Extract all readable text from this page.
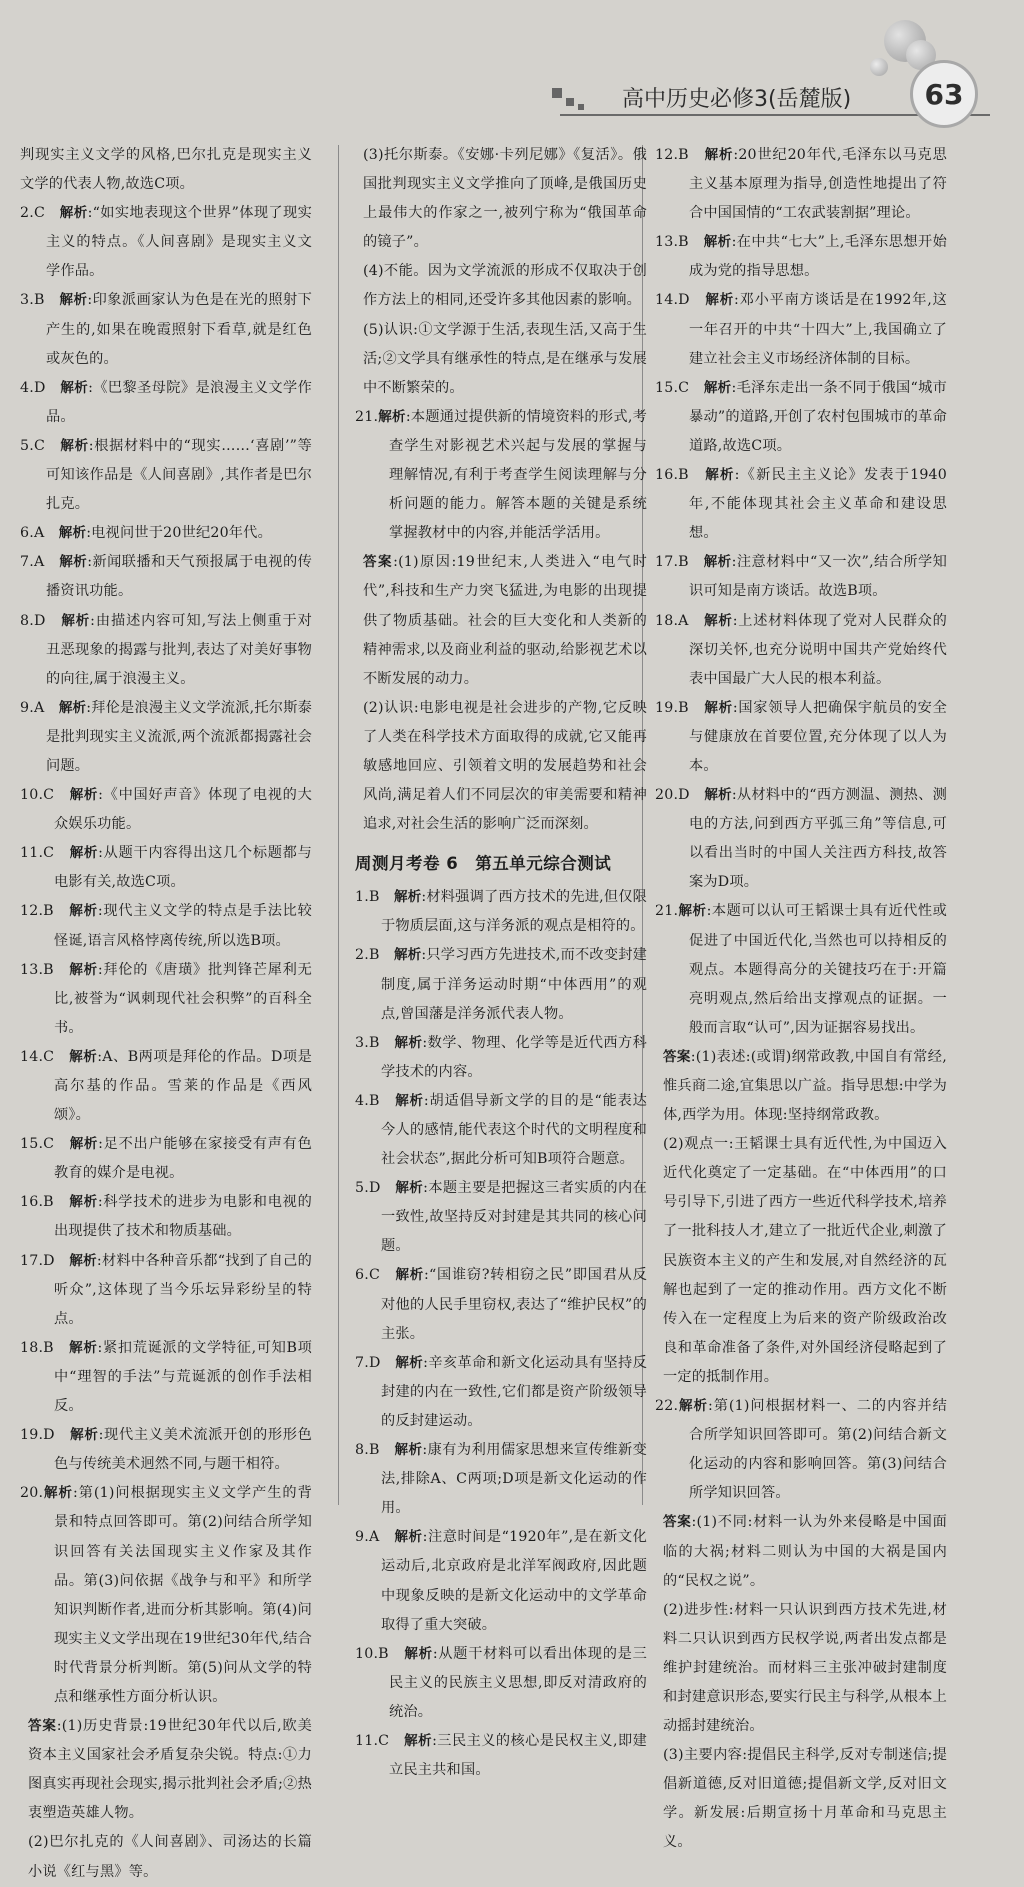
高中历史必修3(岳麓版)	63

判现实主义文学的风格,巴尔扎克是现实主义文学的代表人物,故选C项。

2.C　 解析:“如实地表现这个世界”体现了现实主义的特点。《人间喜剧》是现实主义文学作品。

3.B　 解析:印象派画家认为色是在光的照射下产生的,如果在晚霞照射下看草,就是红色或灰色的。

4.D　 解析:《巴黎圣母院》是浪漫主义文学作品。

5.C　 解析:根据材料中的“现实……‘喜剧’”等可知该作品是《人间喜剧》,其作者是巴尔扎克。

6.A　 解析:电视问世于20世纪20年代。

7.A　 解析:新闻联播和天气预报属于电视的传播资讯功能。

8.D　 解析:由描述内容可知,写法上侧重于对丑恶现象的揭露与批判,表达了对美好事物的向往,属于浪漫主义。

9.A　 解析:拜伦是浪漫主义文学流派,托尔斯泰是批判现实主义流派,两个流派都揭露社会问题。

10.C　 解析:《中国好声音》体现了电视的大众娱乐功能。

11.C　 解析:从题干内容得出这几个标题都与电影有关,故选C项。

12.B　 解析:现代主义文学的特点是手法比较怪诞,语言风格悖离传统,所以选B项。

13.B　 解析:拜伦的《唐璜》批判锋芒犀利无比,被誉为“讽刺现代社会积弊”的百科全书。

14.C　 解析:A、B两项是拜伦的作品。D项是高尔基的作品。雪莱的作品是《西风颂》。

15.C　 解析:足不出户能够在家接受有声有色教育的媒介是电视。

16.B　 解析:科学技术的进步为电影和电视的出现提供了技术和物质基础。

17.D　 解析:材料中各种音乐都“找到了自己的听众”,这体现了当今乐坛异彩纷呈的特点。

18.B　 解析:紧扣荒诞派的文学特征,可知B项中“理智的手法”与荒诞派的创作手法相反。

19.D　 解析:现代主义美术流派开创的形形色色与传统美术迥然不同,与题干相符。

20.解析:第(1)问根据现实主义文学产生的背景和特点回答即可。第(2)问结合所学知识回答有关法国现实主义作家及其作品。第(3)问依据《战争与和平》和所学知识判断作者,进而分析其影响。第(4)问现实主义文学出现在19世纪30年代,结合时代背景分析判断。第(5)问从文学的特点和继承性方面分析认识。

答案:(1)历史背景:19世纪30年代以后,欧美资本主义国家社会矛盾复杂尖锐。特点:①力图真实再现社会现实,揭示批判社会矛盾;②热衷塑造英雄人物。

(2)巴尔扎克的《人间喜剧》、司汤达的长篇小说《红与黑》等。

(3)托尔斯泰。《安娜·卡列尼娜》《复活》。俄国批判现实主义文学推向了顶峰,是俄国历史上最伟大的作家之一,被列宁称为“俄国革命的镜子”。

(4)不能。因为文学流派的形成不仅取决于创作方法上的相同,还受许多其他因素的影响。

(5)认识:①文学源于生活,表现生活,又高于生活;②文学具有继承性的特点,是在继承与发展中不断繁荣的。

21.解析:本题通过提供新的情境资料的形式,考查学生对影视艺术兴起与发展的掌握与理解情况,有利于考查学生阅读理解与分析问题的能力。解答本题的关键是系统掌握教材中的内容,并能活学活用。

答案:(1)原因:19世纪末,人类进入“电气时代”,科技和生产力突飞猛进,为电影的出现提供了物质基础。社会的巨大变化和人类新的精神需求,以及商业利益的驱动,给影视艺术以不断发展的动力。

(2)认识:电影电视是社会进步的产物,它反映了人类在科学技术方面取得的成就,它又能再敏感地回应、引领着文明的发展趋势和社会风尚,满足着人们不同层次的审美需要和精神追求,对社会生活的影响广泛而深刻。

周测月考卷 6　第五单元综合测试

1.B　 解析:材料强调了西方技术的先进,但仅限于物质层面,这与洋务派的观点是相符的。

2.B　 解析:只学习西方先进技术,而不改变封建制度,属于洋务运动时期“中体西用”的观点,曾国藩是洋务派代表人物。

3.B　 解析:数学、物理、化学等是近代西方科学技术的内容。

4.B　 解析:胡适倡导新文学的目的是“能表达今人的感情,能代表这个时代的文明程度和社会状态”,据此分析可知B项符合题意。

5.D　 解析:本题主要是把握这三者实质的内在一致性,故坚持反对封建是其共同的核心问题。

6.C　 解析:“国谁窃?转相窃之民”即国君从反对他的人民手里窃权,表达了“维护民权”的主张。

7.D　 解析:辛亥革命和新文化运动具有坚持反封建的内在一致性,它们都是资产阶级领导的反封建运动。

8.B　 解析:康有为利用儒家思想来宣传维新变法,排除A、C两项;D项是新文化运动的作用。

9.A　 解析:注意时间是“1920年”,是在新文化运动后,北京政府是北洋军阀政府,因此题中现象反映的是新文化运动中的文学革命取得了重大突破。

10.B　 解析:从题干材料可以看出体现的是三民主义的民族主义思想,即反对清政府的统治。

11.C　 解析:三民主义的核心是民权主义,即建立民主共和国。

12.B　 解析:20世纪20年代,毛泽东以马克思主义基本原理为指导,创造性地提出了符合中国国情的“工农武装割据”理论。

13.B　 解析:在中共“七大”上,毛泽东思想开始成为党的指导思想。

14.D　 解析:邓小平南方谈话是在1992年,这一年召开的中共“十四大”上,我国确立了建立社会主义市场经济体制的目标。

15.C　 解析:毛泽东走出一条不同于俄国“城市暴动”的道路,开创了农村包围城市的革命道路,故选C项。

16.B　 解析:《新民主主义论》发表于1940年,不能体现其社会主义革命和建设思想。

17.B　 解析:注意材料中“又一次”,结合所学知识可知是南方谈话。故选B项。

18.A　 解析:上述材料体现了党对人民群众的深切关怀,也充分说明中国共产党始终代表中国最广大人民的根本利益。

19.B　 解析:国家领导人把确保宇航员的安全与健康放在首要位置,充分体现了以人为本。

20.D　 解析:从材料中的“西方测温、测热、测电的方法,问到西方平弧三角”等信息,可以看出当时的中国人关注西方科技,故答案为D项。

21.解析:本题可以认可王韬课士具有近代性或促进了中国近代化,当然也可以持相反的观点。本题得高分的关键技巧在于:开篇亮明观点,然后给出支撑观点的证据。一般而言取“认可”,因为证据容易找出。

答案:(1)表述:(或谓)纲常政教,中国自有常经,惟兵商二途,宜集思以广益。指导思想:中学为体,西学为用。体现:坚持纲常政教。

(2)观点一:王韬课士具有近代性,为中国迈入近代化奠定了一定基础。在“中体西用”的口号引导下,引进了西方一些近代科学技术,培养了一批科技人才,建立了一批近代企业,刺激了民族资本主义的产生和发展,对自然经济的瓦解也起到了一定的推动作用。西方文化不断传入在一定程度上为后来的资产阶级政治改良和革命准备了条件,对外国经济侵略起到了一定的抵制作用。

22.解析:第(1)问根据材料一、二的内容并结合所学知识回答即可。第(2)问结合新文化运动的内容和影响回答。第(3)问结合所学知识回答。

答案:(1)不同:材料一认为外来侵略是中国面临的大祸;材料二则认为中国的大祸是国内的“民权之说”。

(2)进步性:材料一只认识到西方技术先进,材料二只认识到西方民权学说,两者出发点都是维护封建统治。而材料三主张冲破封建制度和封建意识形态,要实行民主与科学,从根本上动摇封建统治。

(3)主要内容:提倡民主科学,反对专制迷信;提倡新道德,反对旧道德;提倡新文学,反对旧文学。新发展:后期宣扬十月革命和马克思主义。
